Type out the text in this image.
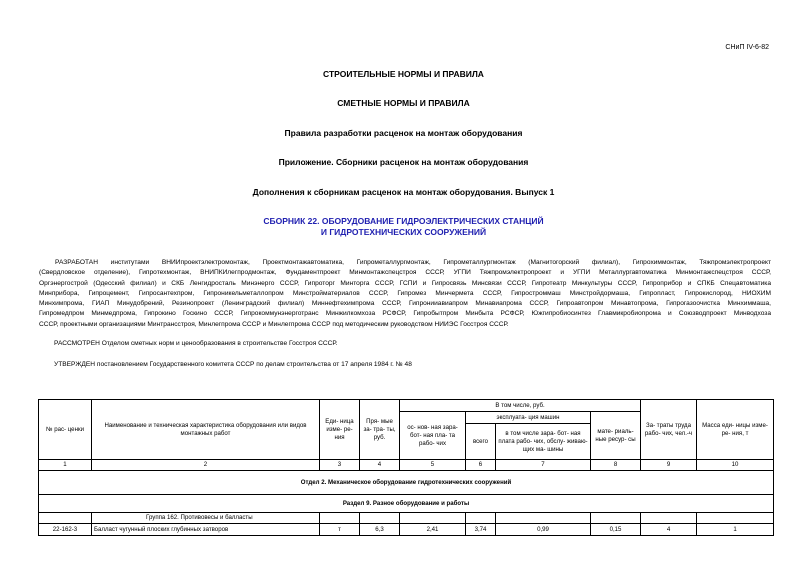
СНиП IV-6-82
СТРОИТЕЛЬНЫЕ НОРМЫ И ПРАВИЛА
СМЕТНЫЕ НОРМЫ И ПРАВИЛА
Правила разработки расценок на монтаж оборудования
Приложение. Сборники расценок на монтаж оборудования
Дополнения к сборникам расценок на монтаж оборудования. Выпуск 1
СБОРНИК 22. ОБОРУДОВАНИЕ ГИДРОЭЛЕКТРИЧЕСКИХ СТАНЦИЙ
И ГИДРОТЕХНИЧЕСКИХ СООРУЖЕНИЙ
РАЗРАБОТАН институтами ВНИИпроектэлектромонтаж, Проектмонтажавтоматика, Гипрометаллургмонтаж, Гипрометаллургмонтаж (Магнитогорский филиал), Гипрохиммонтаж, Тяжпромэлектропроект
(Свердловское отделение), Гипротехмонтаж, ВНИПКИлегпродмонтаж, Фундаментпроект Минмонтажспецстроя СССР, УГПИ Тяжпромэлектропроект и УГПИ Металлургавтоматика Минмонтажспецстроя СССР,
Оргэнергострой (Одесский филиал) и СКБ Ленгидросталь Минэнерго СССР, Гипроторг Минторга СССР, ГСПИ и Гипросвязь Минсвязи СССР, Гипротеатр Минкультуры СССР, Гипроприбор и СПКБ Спецавтоматика
Минприбора, Гипроцемент, Гипросантехпром, Гипроникельметаллопром Минстройматериалов СССР, Гипромез Минчермета СССР, Гипростроммаш Минстройдормаша, Гипропласт, Гипрокислород, НИОХИМ
Минхимпрома, ГИАП Минудобрений, Резинопроект (Ленинградский филиал) Миннефтехимпрома СССР, Гипронииавиапром Минавиапрома СССР, Гипроавтопром Минавтопрома, Гипрогазоочистка Минхиммаша,
Гипромедпром Минмедпрома, Гипрокино Госкино СССР, Гипрокоммунэнерготранс Минжилкомхоза РСФСР, Гипробытпром Минбыта РСФСР, Южгипробиосинтез Главмикробиопрома и Союзводпроект Минводхоза
СССР, проектными организациями Минтрансстроя, Минлегпрома СССР и Минлегпрома СССР под методическим руководством НИИЭС Госстроя СССР.
РАССМОТРЕН Отделом сметных норм и ценообразования в строительстве Госстроя СССР.
УТВЕРЖДЕН постановлением Государственного комитета СССР по делам строительства от 17 апреля 1984 г. № 48
№ рас- ценки	Наименование и техническая характеристика оборудования или видов монтажных работ	Еди- ница изме- ре- ния	Пря- мые за- тра- ты, руб.	В том числе, руб.				За- траты труда рабо- чих, чел.-ч	Масса еди- ницы изме- ре- ния, т
				ос- нов- ная зара- бот- ная пла- та рабо- чих	эксплуата- ция машин		мате- риаль- ные ресур- сы		
					всего	в том числе зара- бот- ная плата рабо- чих, обслу- живаю- щих ма- шины			
1	2	3	4	5	6	7	8	9	10
Отдел 2. Механическое оборудование гидротехнических сооружений									
Раздел 9. Разное оборудование и работы									
	Группа 162. Противовесы и балласты								
22-162-3	Балласт чугунный плоских глубинных затворов	т	6,3	2,41	3,74	0,99	0,15	4	1
